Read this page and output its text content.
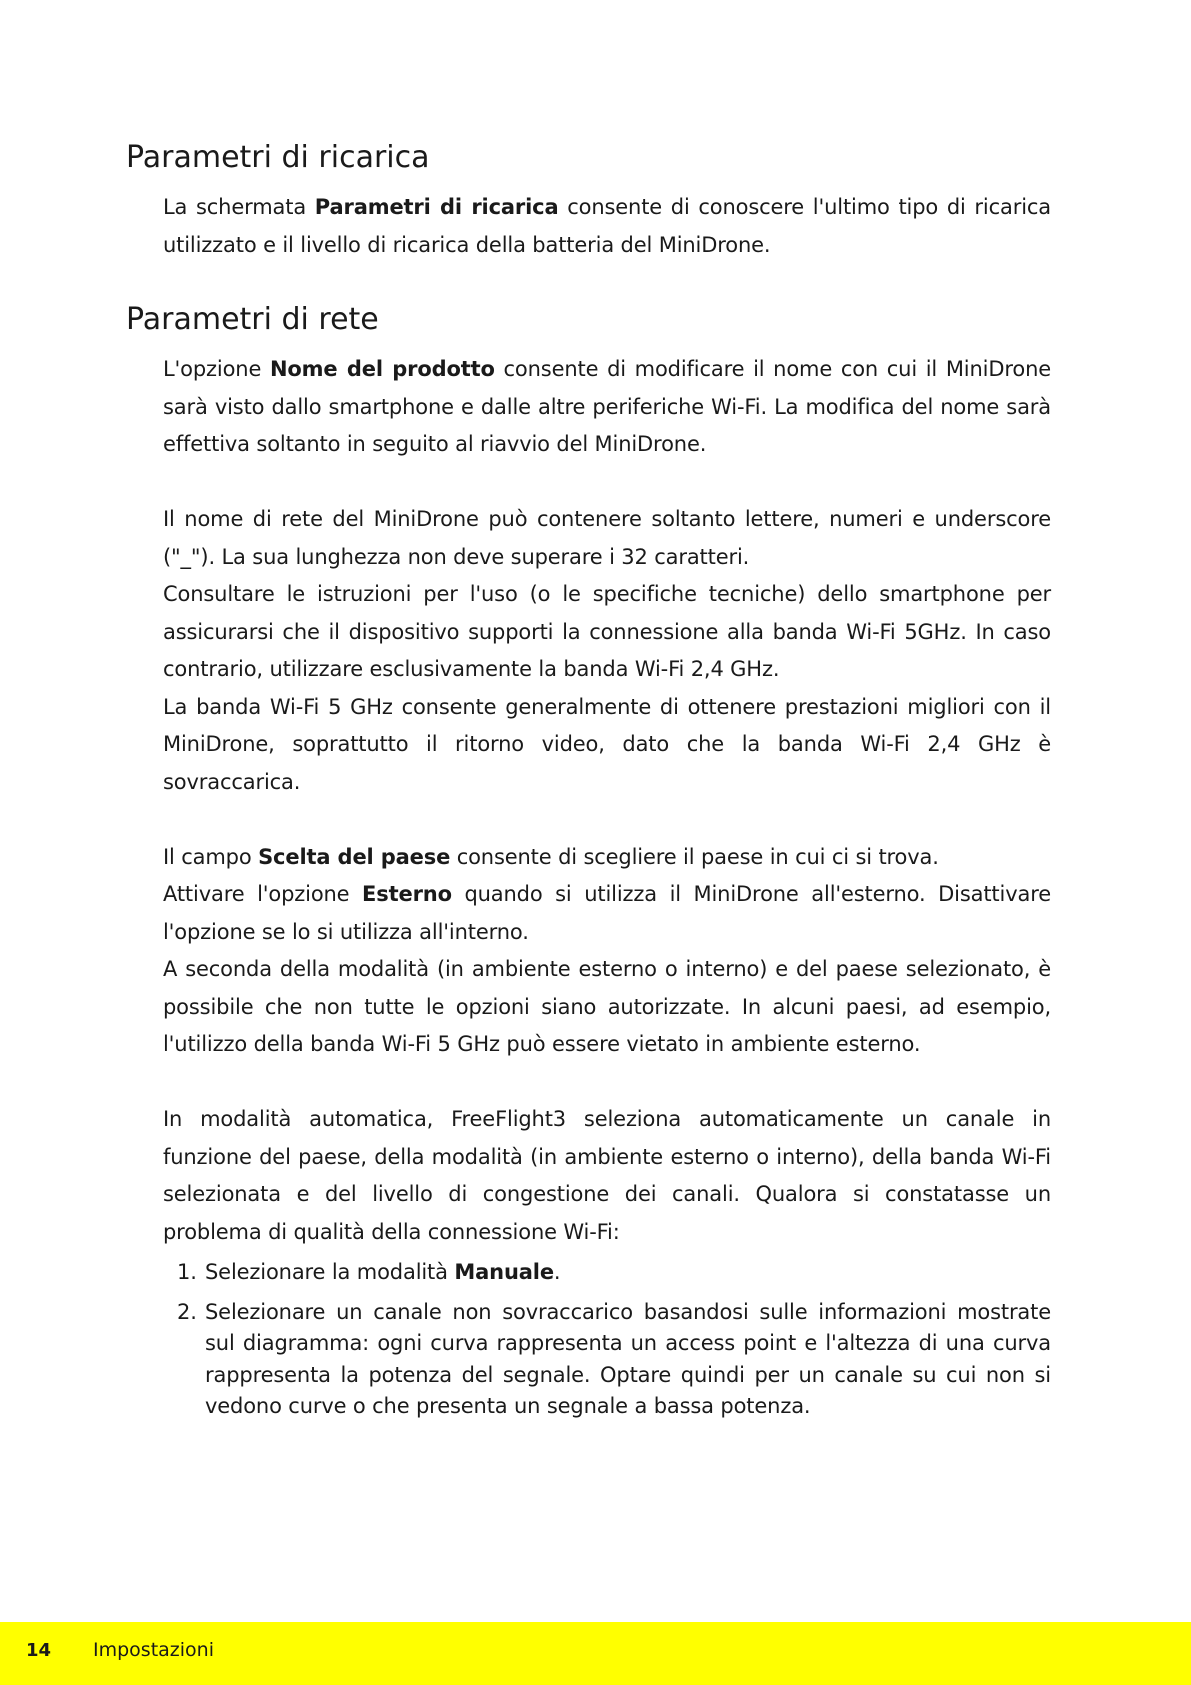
Parametri di ricarica

La schermata Parametri di ricarica consente di conoscere l'ultimo tipo di ricarica utilizzato e il livello di ricarica della batteria del MiniDrone.

Parametri di rete

L'opzione Nome del prodotto consente di modificare il nome con cui il MiniDrone sarà visto dallo smartphone e dalle altre periferiche Wi-Fi. La modifica del nome sarà effettiva soltanto in seguito al riavvio del MiniDrone.

Il nome di rete del MiniDrone può contenere soltanto lettere, numeri e underscore ("_"). La sua lunghezza non deve superare i 32 caratteri.

Consultare le istruzioni per l'uso (o le specifiche tecniche) dello smartphone per assicurarsi che il dispositivo supporti la connessione alla banda Wi-Fi 5GHz. In caso contrario, utilizzare esclusivamente la banda Wi-Fi 2,4 GHz.

La banda Wi-Fi 5 GHz consente generalmente di ottenere prestazioni migliori con il MiniDrone, soprattutto il ritorno video, dato che la banda Wi-Fi 2,4 GHz è sovraccarica.

Il campo Scelta del paese consente di scegliere il paese in cui ci si trova.

Attivare l'opzione Esterno quando si utilizza il MiniDrone all'esterno. Disattivare l'opzione se lo si utilizza all'interno.

A seconda della modalità (in ambiente esterno o interno) e del paese selezionato, è possibile che non tutte le opzioni siano autorizzate. In alcuni paesi, ad esempio, l'utilizzo della banda Wi-Fi 5 GHz può essere vietato in ambiente esterno.

In modalità automatica, FreeFlight3 seleziona automaticamente un canale in funzione del paese, della modalità (in ambiente esterno o interno), della banda Wi-Fi selezionata e del livello di congestione dei canali. Qualora si constatasse un problema di qualità della connessione Wi-Fi:

1. Selezionare la modalità Manuale.
2. Selezionare un canale non sovraccarico basandosi sulle informazioni mostrate sul diagramma: ogni curva rappresenta un access point e l'altezza di una curva rappresenta la potenza del segnale. Optare quindi per un canale su cui non si vedono curve o che presenta un segnale a bassa potenza.
14 Impostazioni
